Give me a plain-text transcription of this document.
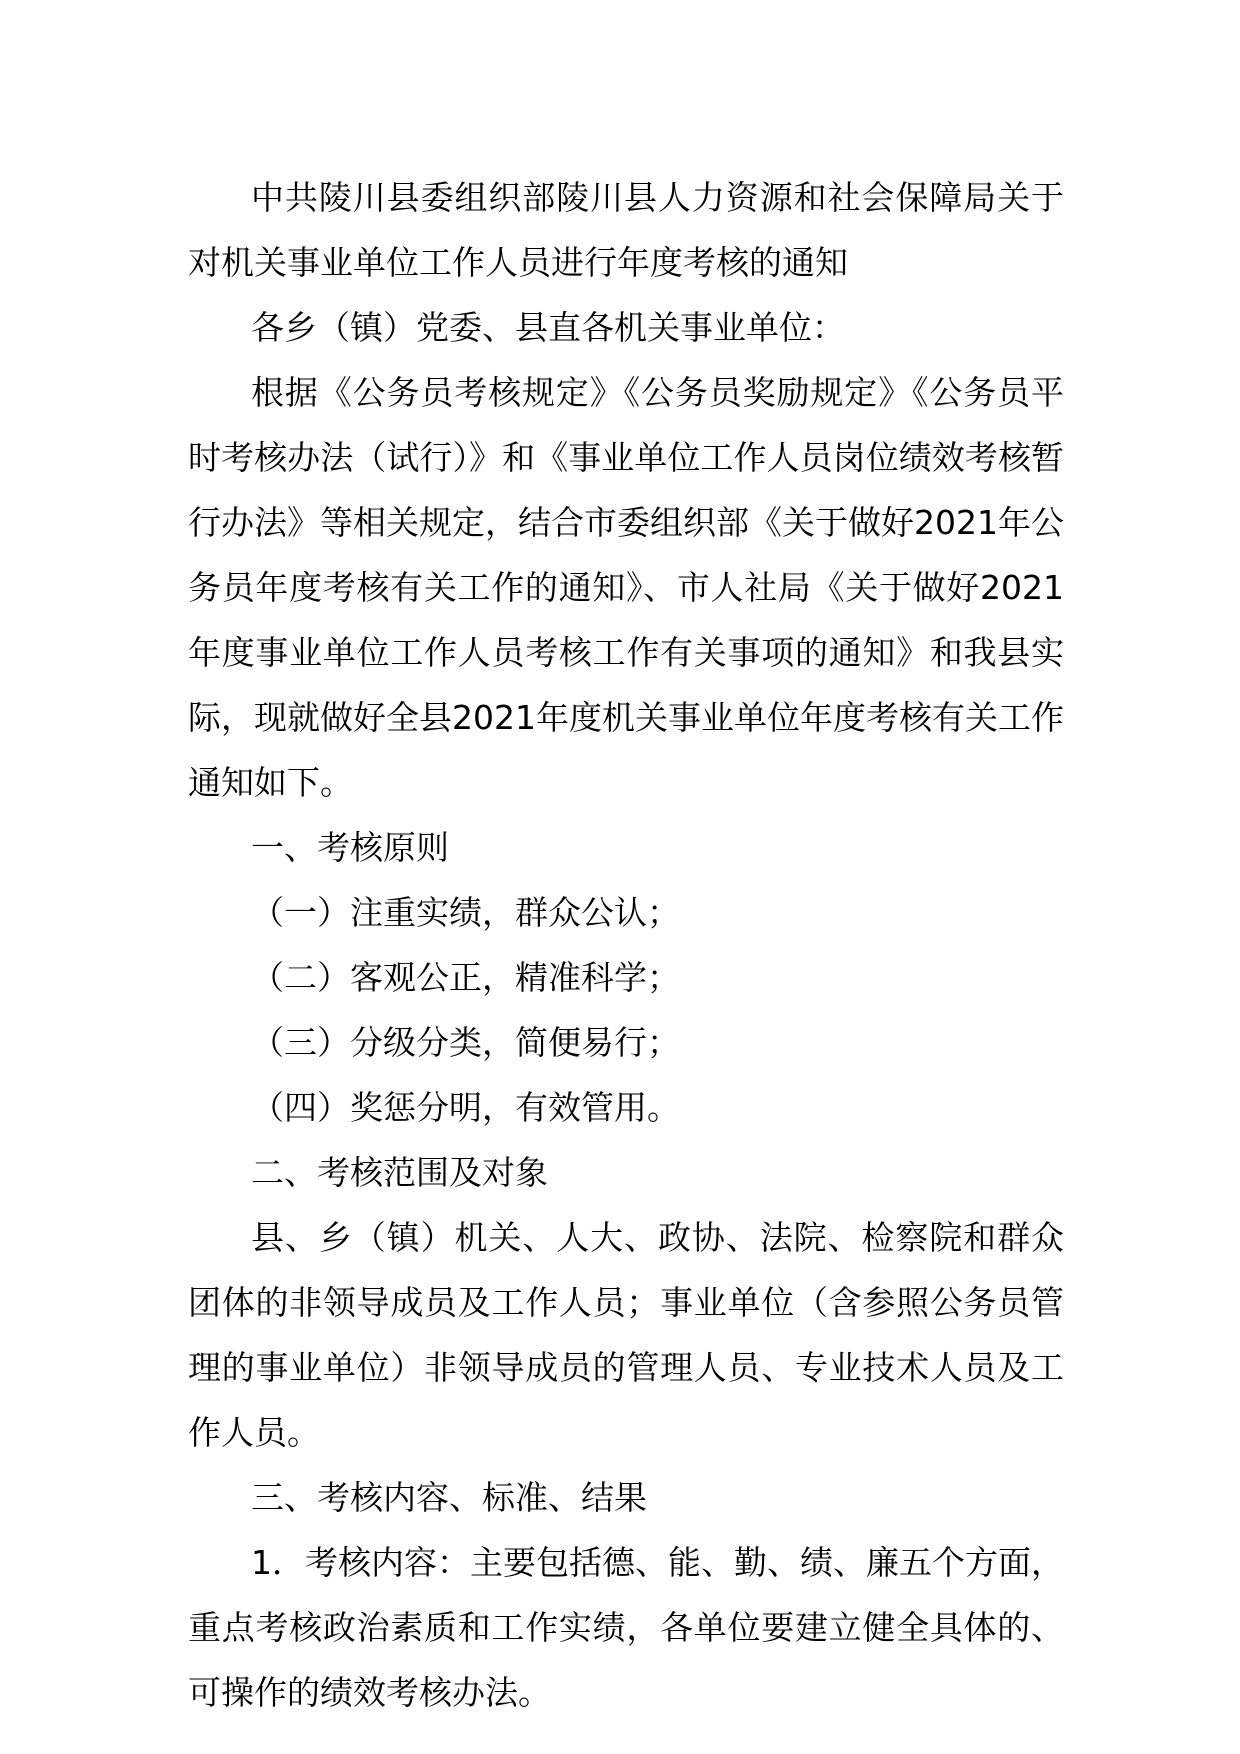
中共陵川县委组织部陵川县人力资源和社会保障局关于对机关事业单位工作人员进行年度考核的通知

各乡（镇）党委、县直各机关事业单位：

根据《公务员考核规定》《公务员奖励规定》《公务员平时考核办法（试行）》和《事业单位工作人员岗位绩效考核暂行办法》等相关规定，结合市委组织部《关于做好2021年公务员年度考核有关工作的通知》、市人社局《关于做好2021年度事业单位工作人员考核工作有关事项的通知》和我县实际，现就做好全县2021年度机关事业单位年度考核有关工作通知如下。

一、考核原则

（一）注重实绩，群众公认；

（二）客观公正，精准科学；

（三）分级分类，简便易行；

（四）奖惩分明，有效管用。

二、考核范围及对象

县、乡（镇）机关、人大、政协、法院、检察院和群众团体的非领导成员及工作人员；事业单位（含参照公务员管理的事业单位）非领导成员的管理人员、专业技术人员及工作人员。

三、考核内容、标准、结果

1．考核内容：主要包括德、能、勤、绩、廉五个方面，重点考核政治素质和工作实绩，各单位要建立健全具体的、可操作的绩效考核办法。
